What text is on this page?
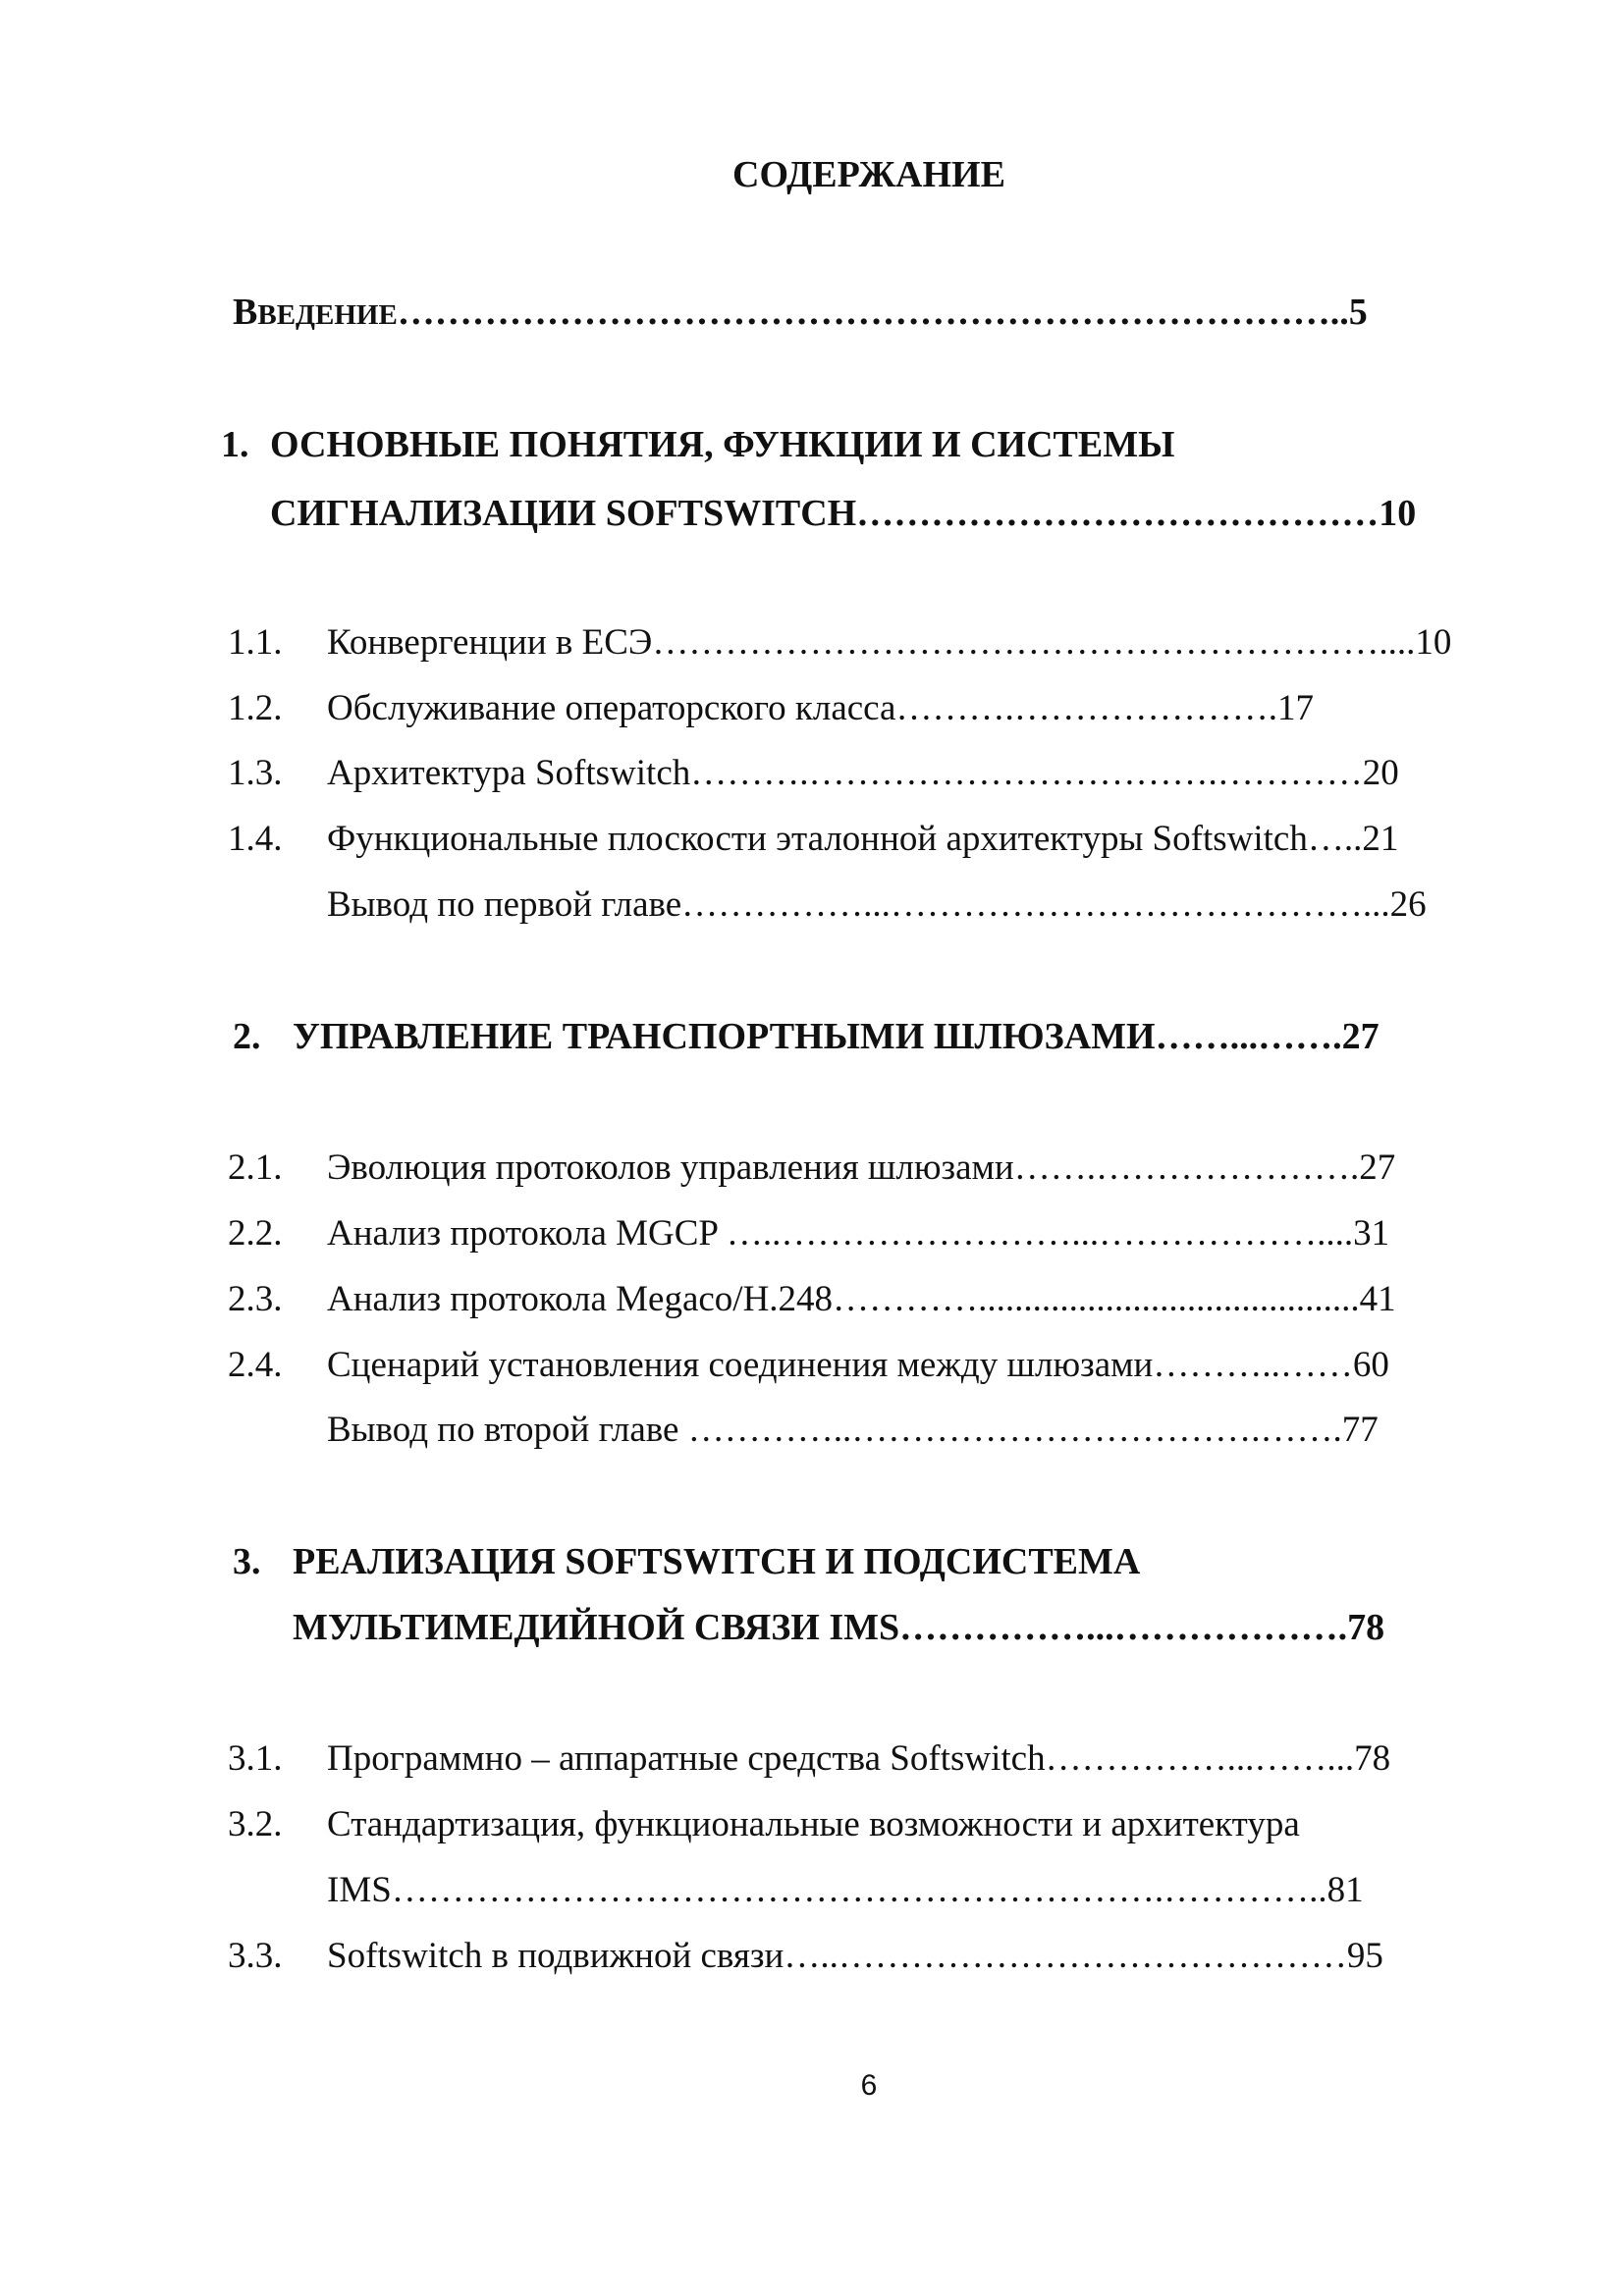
СОДЕРЖАНИЕ
ВВЕДЕНИЕ…………………………………………………………………..5
1. ОСНОВНЫЕ ПОНЯТИЯ, ФУНКЦИИ И СИСТЕМЫ
СИГНАЛИЗАЦИИ SOFTSWITCH……………………………………10
1.1. Конвергенции в ЕСЭ……………………………………………………....10
1.2. Обслуживание операторского класса……….………………….17
1.3. Архитектура Softswitch……….…………………………….…………20
1.4. Функциональные плоскости эталонной архитектуры Softswitch…..21
Вывод по первой главе……………...…………………………………...26
2. УПРАВЛЕНИЕ ТРАНСПОРТНЫМИ ШЛЮЗАМИ……...…….27
2.1. Эволюция протоколов управления шлюзами…….………………….27
2.2. Анализ протокола MGCP …..……………………...………………....31
2.3. Анализ протокола Megaco/H.248…………..........................................41
2.4. Сценарий установления соединения между шлюзами………..……60
Вывод по второй главе …………..…………………………….…….77
3. РЕАЛИЗАЦИЯ SOFTSWITCH И ПОДСИСТЕМА
МУЛЬТИМЕДИЙНОЙ СВЯЗИ IMS……………...……………….78
3.1. Программно – аппаратные средства Softswitch……………...……...78
3.2. Стандартизация, функциональные возможности и архитектура
IMS……………………………………………………….…………..81
3.3. Softswitch в подвижной связи…..……………………………………95
6
